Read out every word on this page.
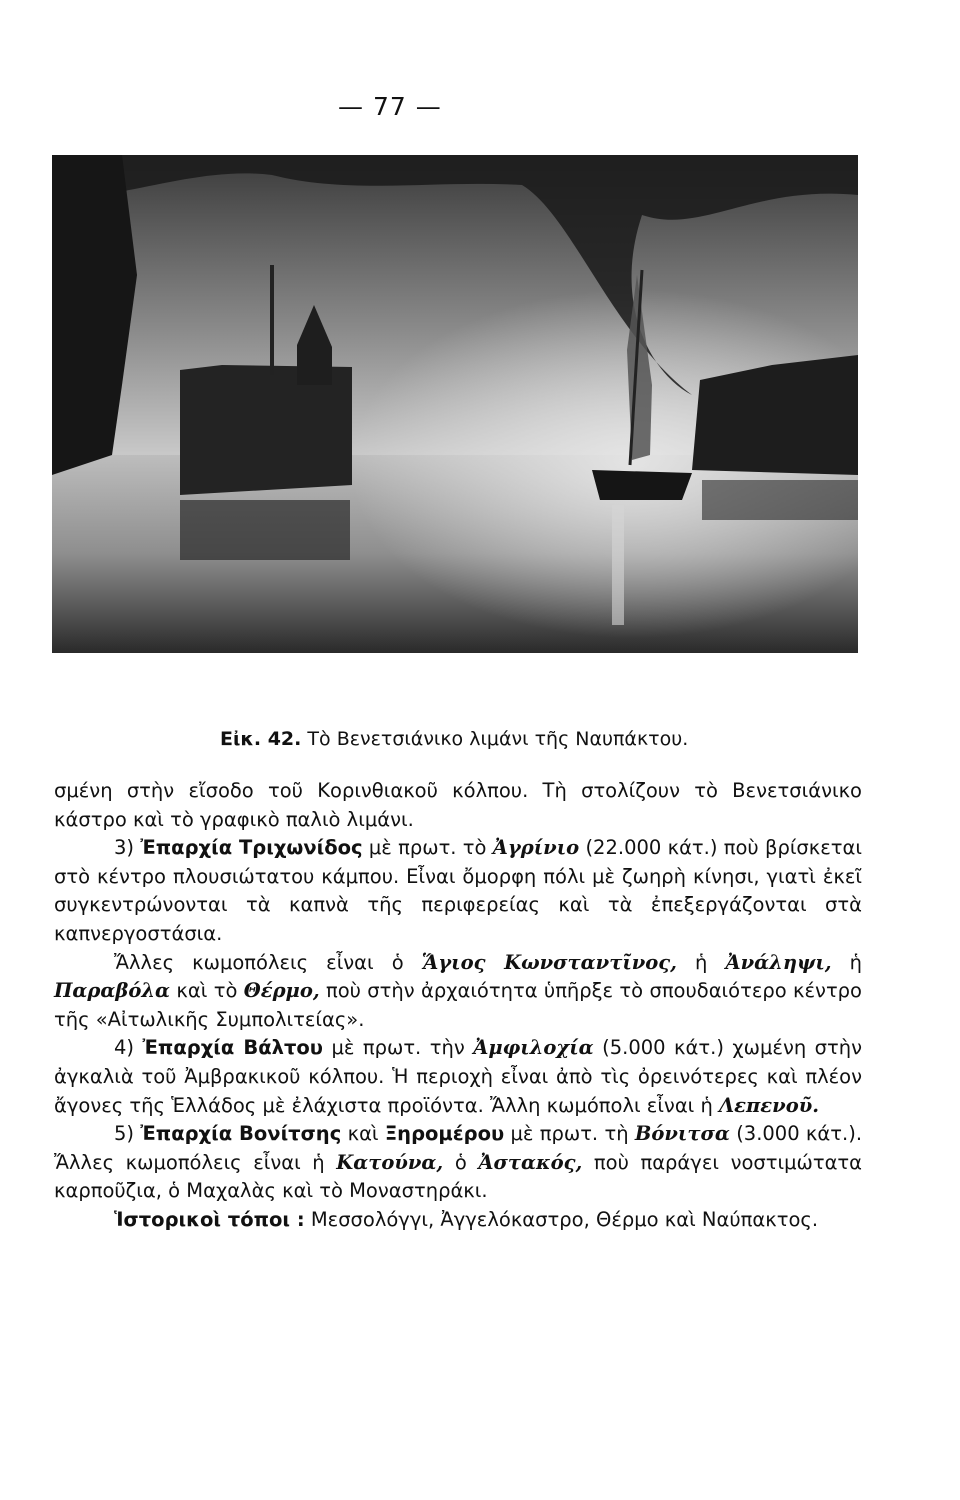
— 77 —
Εἰκ. 42. Τὸ Βενετσιάνικο λιμάνι τῆς Ναυπάκτου.

σμένη στὴν εἴσοδο τοῦ Κορινθιακοῦ κόλπου. Τὴ στολίζουν τὸ Βενετσιάνικο κάστρο καὶ τὸ γραφικὸ παλιὸ λιμάνι.

3) Ἐπαρχία Τριχωνίδος μὲ πρωτ. τὸ Ἀγρίνιο (22.000 κάτ.) ποὺ βρίσκεται στὸ κέντρο πλουσιώτατου κάμπου. Εἶναι ὄμορφη πόλι μὲ ζωηρὴ κίνησι, γιατὶ ἐκεῖ συγκεντρώνονται τὰ καπνὰ τῆς περιφερείας καὶ τὰ ἐπεξεργάζονται στὰ καπνεργοστάσια.

Ἄλλες κωμοπόλεις εἶναι ὁ Ἅγιος Κωνσταντῖνος, ἡ Ἀνάληψι, ἡ Παραβόλα καὶ τὸ Θέρμο, ποὺ στὴν ἀρχαιότητα ὑπῆρξε τὸ σπουδαιότερο κέντρο τῆς «Αἰτωλικῆς Συμπολιτείας».

4) Ἐπαρχία Βάλτου μὲ πρωτ. τὴν Ἀμφιλοχία (5.000 κάτ.) χωμένη στὴν ἀγκαλιὰ τοῦ Ἀμβρακικοῦ κόλπου. Ἡ περιοχὴ εἶναι ἀπὸ τὶς ὀρεινότερες καὶ πλέον ἄγονες τῆς Ἑλλάδος μὲ ἐλάχιστα προϊόντα. Ἄλλη κωμόπολι εἶναι ἡ Λεπενοῦ.

5) Ἐπαρχία Βονίτσης καὶ Ξηρομέρου μὲ πρωτ. τὴ Βόνιτσα (3.000 κάτ.). Ἄλλες κωμοπόλεις εἶναι ἡ Κατούνα, ὁ Ἀστακός, ποὺ παράγει νοστιμώτατα καρποῦζια, ὁ Μαχαλὰς καὶ τὸ Μοναστηράκι.

Ἱστορικοὶ τόποι : Μεσσολόγγι, Ἀγγελόκαστρο, Θέρμο καὶ Ναύπακτος.
